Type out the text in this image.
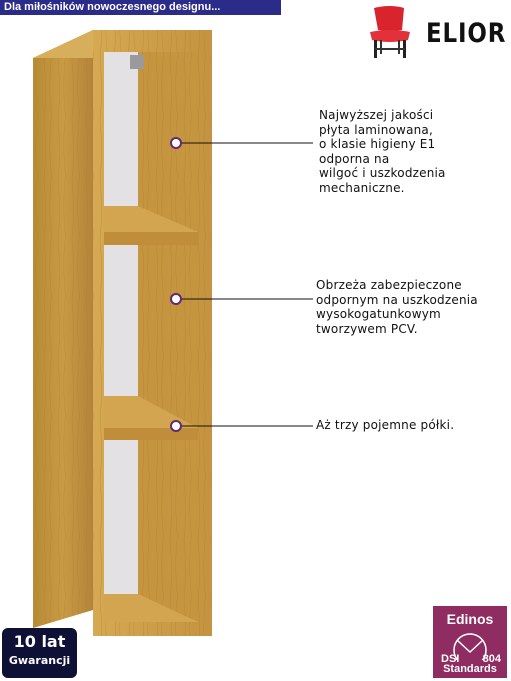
Dla miłośników nowoczesnego designu...
ELIOR
Najwyższej jakości
płyta laminowana,
o klasie higieny E1
odporna na
wilgoć i uszkodzenia
mechaniczne.
Obrzeża zabezpieczone
odpornym na uszkodzenia
wysokogatunkowym
tworzywem PCV.
Aż trzy pojemne półki.
10 lat
Gwarancji
Edinos
DSI 804
Standards
